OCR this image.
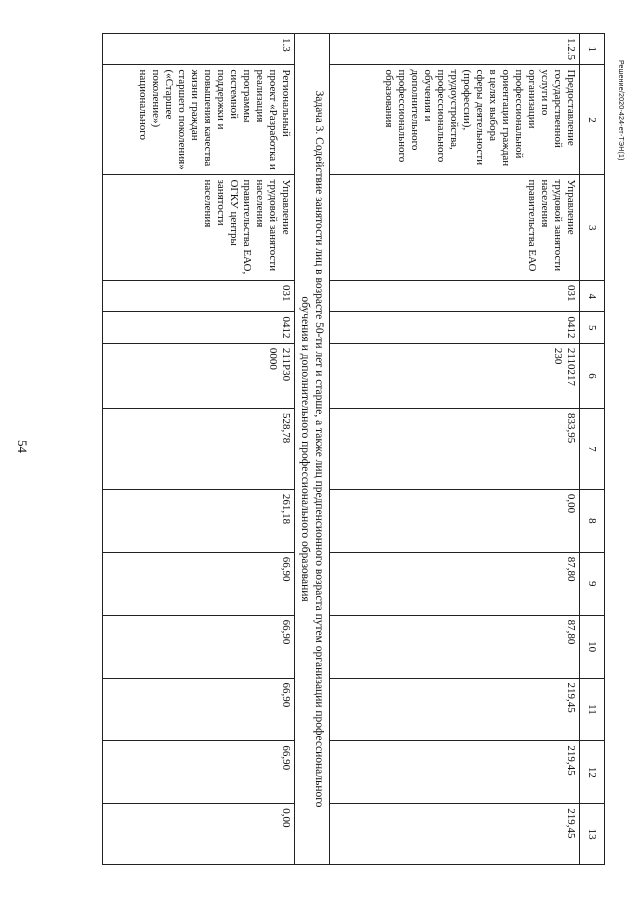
54
Решение/2020-424-ет-ТЭН(1)
1	2	3	4	5	6	7	8	9	10	11	12	13
1.2.5	Предоставление государственной услуги по организации профессиональной ориентации граждан в целях выбора сферы деятельности (профессии), трудоустройства, профессионального обучения и дополнительного профессионального образования	Управление трудовой занятости населения правительства ЕАО	031	0412	2110217 230	833,95	0,00	87,80	87,80	219,45	219,45	219,45
Задача 3. Содействие занятости лиц в возрасте 50-ти лет и старше, а также лиц предпенсионного возраста путем организации профессионального обучения и дополнительного профессионального образования												
1.3	Региональный проект «Разработка и реализация программы системной поддержки и повышения качества жизни граждан старшего поколения» («Старшее поколение») национального	Управление трудовой занятости населения правительства ЕАО, ОГКУ центры занятости населения	031	0412	211Р30 0000	528,78	261,18	66,90	66,90	66,90	66,90	0,00
